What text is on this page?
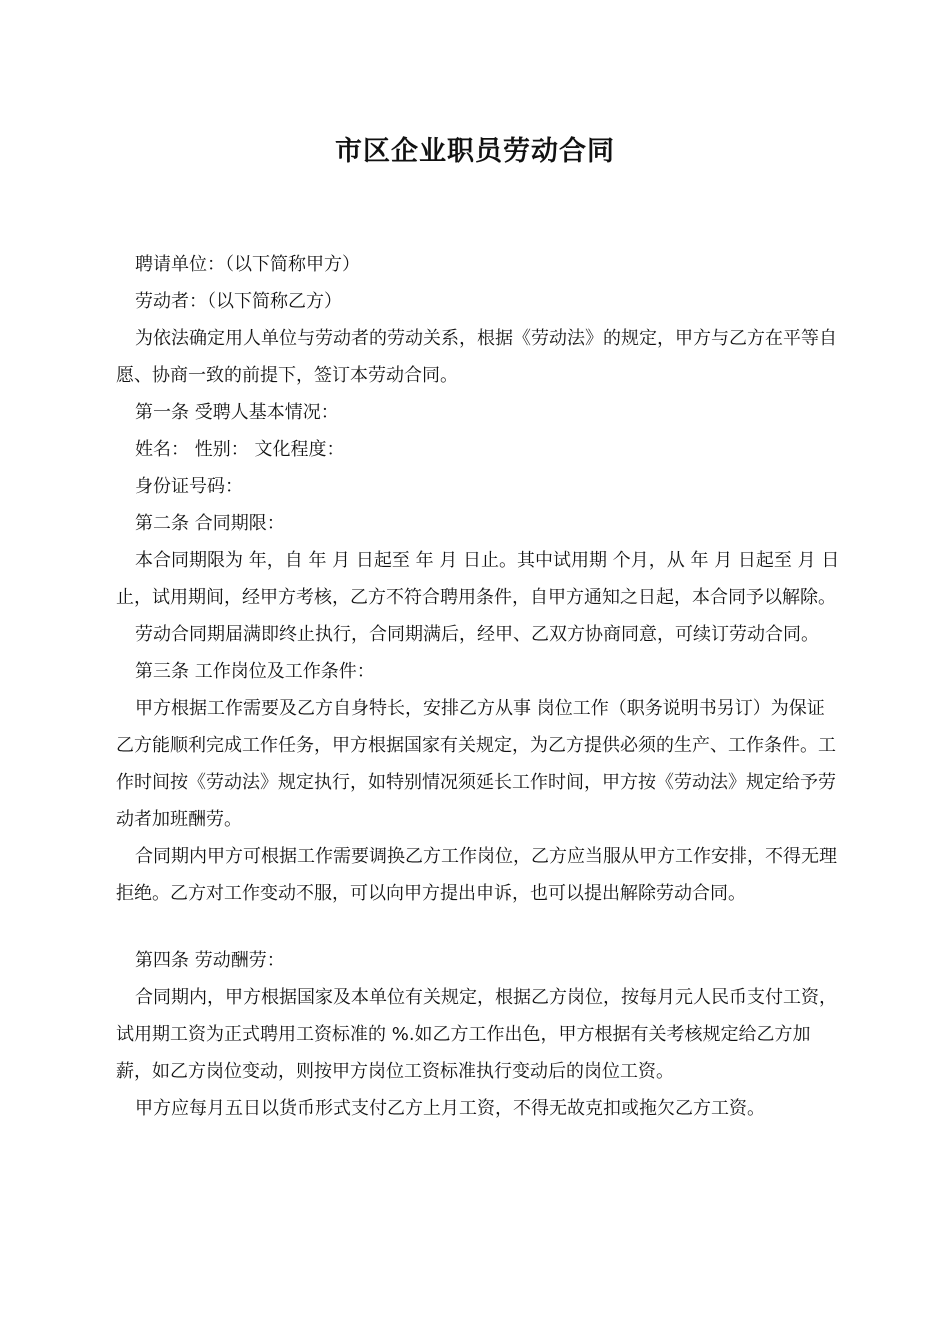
市区企业职员劳动合同

聘请单位：（以下简称甲方）

劳动者：（以下简称乙方）

为依法确定用人单位与劳动者的劳动关系，根据《劳动法》的规定，甲方与乙方在平等自愿、协商一致的前提下，签订本劳动合同。

第一条 受聘人基本情况：

姓名： 性别： 文化程度：

身份证号码：

第二条 合同期限：

本合同期限为 年，自 年 月 日起至 年 月 日止。其中试用期 个月，从 年 月 日起至 月 日止，试用期间，经甲方考核，乙方不符合聘用条件，自甲方通知之日起，本合同予以解除。

劳动合同期届满即终止执行，合同期满后，经甲、乙双方协商同意，可续订劳动合同。

第三条 工作岗位及工作条件：

甲方根据工作需要及乙方自身特长，安排乙方从事 岗位工作（职务说明书另订）为保证乙方能顺利完成工作任务，甲方根据国家有关规定，为乙方提供必须的生产、工作条件。工作时间按《劳动法》规定执行，如特别情况须延长工作时间，甲方按《劳动法》规定给予劳动者加班酬劳。

合同期内甲方可根据工作需要调换乙方工作岗位，乙方应当服从甲方工作安排，不得无理拒绝。乙方对工作变动不服，可以向甲方提出申诉，也可以提出解除劳动合同。

第四条 劳动酬劳：

合同期内，甲方根据国家及本单位有关规定，根据乙方岗位，按每月元人民币支付工资，试用期工资为正式聘用工资标准的 %.如乙方工作出色，甲方根据有关考核规定给乙方加薪，如乙方岗位变动，则按甲方岗位工资标准执行变动后的岗位工资。

甲方应每月五日以货币形式支付乙方上月工资，不得无故克扣或拖欠乙方工资。
